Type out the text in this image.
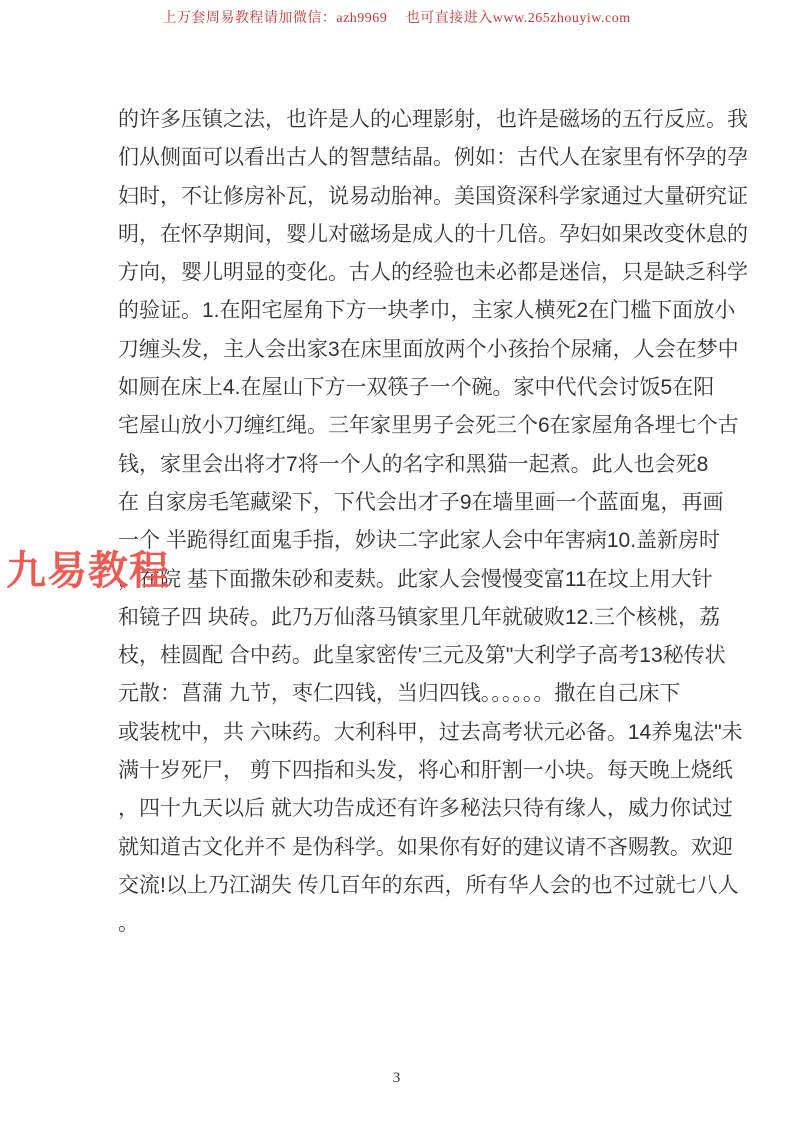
上万套周易教程请加微信：azh9969　 也可直接进入www.265zhouyiw.com
的许多压镇之法，也许是人的心理影射，也许是磁场的五行反应。我
们从侧面可以看出古人的智慧结晶。例如：古代人在家里有怀孕的孕
妇时，不让修房补瓦，说易动胎神。美国资深科学家通过大量研究证
明，在怀孕期间，婴儿对磁场是成人的十几倍。孕妇如果改变休息的
方向，婴儿明显的变化。古人的经验也未必都是迷信，只是缺乏科学
的验证。1.在阳宅屋角下方一块孝巾，主家人横死2在门槛下面放小
刀缠头发，主人会出家3在床里面放两个小孩抬个尿痛，人会在梦中
如厕在床上4.在屋山下方一双筷子一个碗。家中代代会讨饭5在阳
宅屋山放小刀缠红绳。三年家里男子会死三个6在家屋角各埋七个古
钱，家里会出将才7将一个人的名字和黑猫一起煮。此人也会死8
在 自家房毛笔藏梁下，下代会出才子9在墙里画一个蓝面鬼，再画
一个 半跪得红面鬼手指，妙诀二字此家人会中年害病10.盖新房时
，在院 基下面撒朱砂和麦麸。此家人会慢慢变富11在坟上用大针
和镜子四 块砖。此乃万仙落马镇家里几年就破败12.三个核桃，荔
枝，桂圆配 合中药。此皇家密传'三元及第"大利学子高考13秘传状
元散：菖蒲 九节，枣仁四钱，当归四钱。。。。。。撒在自己床下
或装枕中，共 六味药。大利科甲，过去高考状元必备。14养鬼法"未
满十岁死尸， 剪下四指和头发，将心和肝割一小块。每天晚上烧纸
，四十九天以后 就大功告成还有许多秘法只待有缘人，威力你试过
就知道古文化并不 是伪科学。如果你有好的建议请不吝赐教。欢迎
交流!以上乃江湖失 传几百年的东西，所有华人会的也不过就七八人
。
九易教程
3
